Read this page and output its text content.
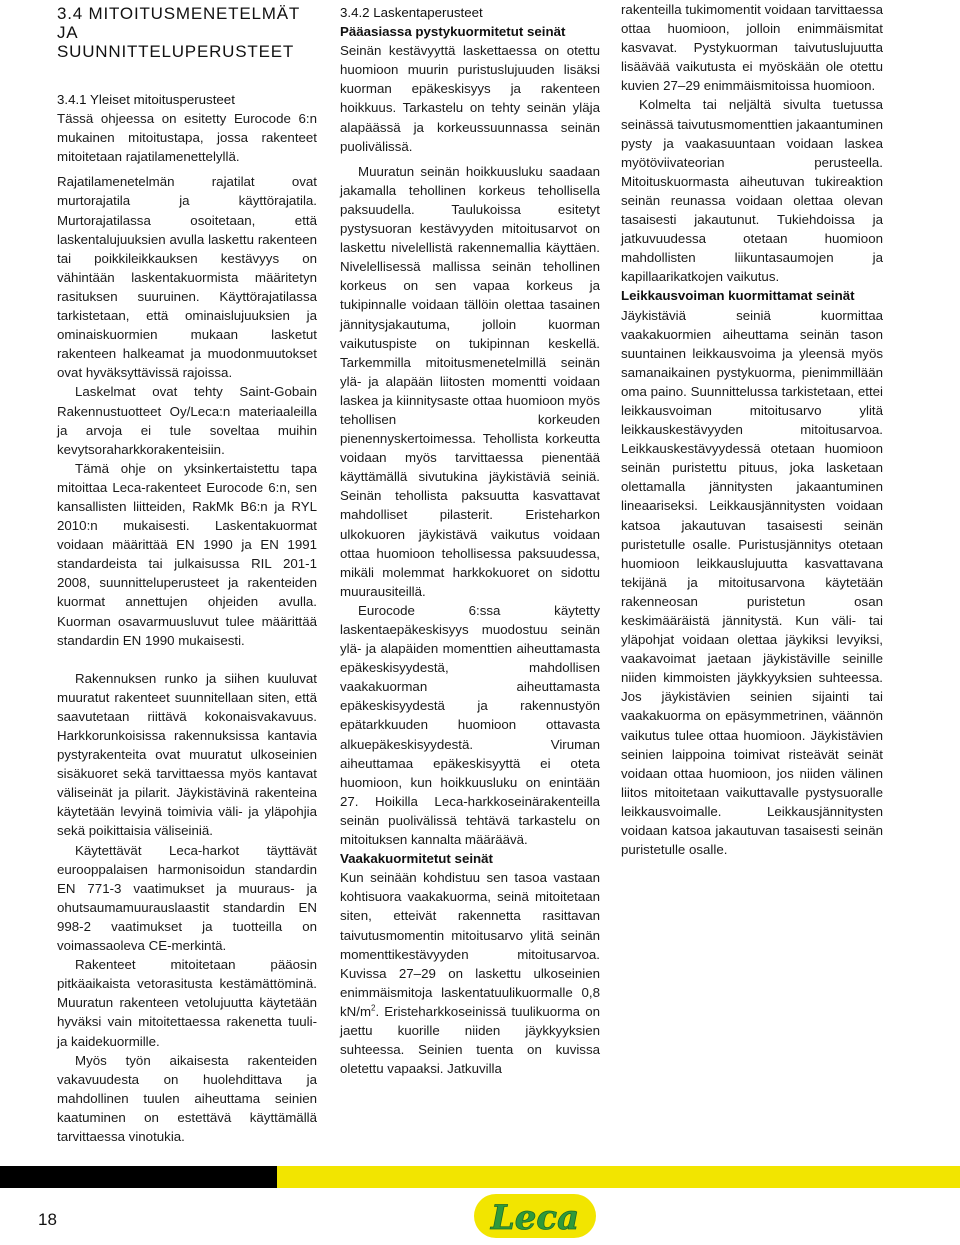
3.4 MITOITUSMENETELMÄT
JA SUUNNITTELUPERUSTEET
3.4.1 Yleiset mitoitusperusteet

Tässä ohjeessa on esitetty Eurocode 6:n mukainen mitoitustapa, jossa rakenteet mitoitetaan rajatilamenettelyllä.

Rajatilamenetelmän rajatilat ovat murtorajatila ja käyttörajatila. Murtorajatilassa osoitetaan, että laskentalujuuksien avulla laskettu rakenteen tai poikkileikkauksen kestävyys on vähintään laskentakuormista määritetyn rasituksen suuruinen. Käyttörajatilassa tarkistetaan, että ominaislujuuksien ja ominaiskuormien mukaan lasketut rakenteen halkeamat ja muodonmuutokset ovat hyväksyttävissä rajoissa.

Laskelmat ovat tehty Saint-Gobain Rakennustuotteet Oy/Leca:n materiaaleilla ja arvoja ei tule soveltaa muihin kevytsoraharkkorakenteisiin.

Tämä ohje on yksinkertaistettu tapa mitoittaa Leca-rakenteet Eurocode 6:n, sen kansallisten liitteiden, RakMk B6:n ja RYL 2010:n mukaisesti. Laskentakuormat voidaan määrittää EN 1990 ja EN 1991 standardeista tai julkaisussa RIL 201-1 2008, suunnitteluperusteet ja rakenteiden kuormat annettujen ohjeiden avulla. Kuorman osavarmuusluvut tulee määrittää standardin EN 1990 mukaisesti.

Rakennuksen runko ja siihen kuuluvat muuratut rakenteet suunnitellaan siten, että saavutetaan riittävä kokonaisvakavuus. Harkkorunkoisissa rakennuksissa kantavia pystyrakenteita ovat muuratut ulkoseinien sisäkuoret sekä tarvittaessa myös kantavat väliseinät ja pilarit. Jäykistävinä rakenteina käytetään levyinä toimivia väli- ja yläpohjia sekä poikittaisia väliseiniä.

Käytettävät Leca-harkot täyttävät eurooppalaisen harmonisoidun standardin EN 771-3 vaatimukset ja muuraus- ja ohutsaumamuurauslaastit standardin EN 998-2 vaatimukset ja tuotteilla on voimassaoleva CE-merkintä.

Rakenteet mitoitetaan pääosin pitkäaikaista vetorasitusta kestämättöminä. Muuratun rakenteen vetolujuutta käytetään hyväksi vain mitoitettaessa rakenetta tuuli- ja kaidekuormille.

Myös työn aikaisesta rakenteiden vakavuudesta on huolehdittava ja mahdollinen tuulen aiheuttama seinien kaatuminen on estettävä käyttämällä tarvittaessa vinotukia.

3.4.2 Laskentaperusteet
Pääasiassa pystykuormitetut seinät

Seinän kestävyyttä laskettaessa on otettu huomioon muurin puristuslujuuden lisäksi kuorman epäkeskisyys ja rakenteen hoikkuus. Tarkastelu on tehty seinän yläja alapäässä ja korkeussuunnassa seinän puolivälissä.

Muuratun seinän hoikkuusluku saadaan jakamalla tehollinen korkeus tehollisella paksuudella. Taulukoissa esitetyt pystysuoran kestävyyden mitoitusarvot on laskettu nivelellistä rakennemallia käyttäen. Nivelellisessä mallissa seinän tehollinen korkeus on sen vapaa korkeus ja tukipinnalle voidaan tällöin olettaa tasainen jännitysjakautuma, jolloin kuorman vaikutuspiste on tukipinnan keskellä. Tarkemmilla mitoitusmenetelmillä seinän ylä- ja alapään liitosten momentti voidaan laskea ja kiinnitysaste ottaa huomioon myös tehollisen korkeuden pienennyskertoimessa. Tehollista korkeutta voidaan myös tarvittaessa pienentää käyttämällä sivutukina jäykistäviä seiniä. Seinän tehollista paksuutta kasvattavat mahdolliset pilasterit. Eristeharkon ulkokuoren jäykistävä vaikutus voidaan ottaa huomioon tehollisessa paksuudessa, mikäli molemmat harkkokuoret on sidottu muurausiteillä.

Eurocode 6:ssa käytetty laskentaepäkeskisyys muodostuu seinän ylä- ja alapäiden momenttien aiheuttamasta epäkeskisyydestä, mahdollisen vaakakuorman aiheuttamasta epäkeskisyydestä ja rakennustyön epätarkkuuden huomioon ottavasta alkuepäkeskisyydestä. Viruman aiheuttamaa epäkeskisyyttä ei oteta huomioon, kun hoikkuusluku on enintään 27. Hoikilla Leca-harkkoseinärakenteilla seinän puolivälissä tehtävä tarkastelu on mitoituksen kannalta määräävä.

Vaakakuormitetut seinät

Kun seinään kohdistuu sen tasoa vastaan kohtisuora vaakakuorma, seinä mitoitetaan siten, etteivät rakennetta rasittavan taivutusmomentin mitoitusarvo ylitä seinän momenttikestävyyden mitoitusarvoa. Kuvissa 27–29 on laskettu ulkoseinien enimmäismitoja laskentatuulikuormalle 0,8 $kN/m^2$. Eristeharkkoseinissä tuulikuorma on jaettu kuorille niiden jäykkyyksien suhteessa. Seinien tuenta on kuvissa oletettu vapaaksi. Jatkuvilla

rakenteilla tukimomentit voidaan tarvittaessa ottaa huomioon, jolloin enimmäismitat kasvavat. Pystykuorman taivutuslujuutta lisäävää vaikutusta ei myöskään ole otettu kuvien 27–29 enimmäismitoissa huomioon.

Kolmelta tai neljältä sivulta tuetussa seinässä taivutusmomenttien jakaantuminen pysty ja vaakasuuntaan voidaan laskea myötöviivateorian perusteella. Mitoituskuormasta aiheutuvan tukireaktion seinän reunassa voidaan olettaa olevan tasaisesti jakautunut. Tukiehdoissa ja jatkuvuudessa otetaan huomioon mahdollisten liikuntasaumojen ja kapillaarikatkojen vaikutus.

Leikkausvoiman kuormittamat seinät

Jäykistäviä seiniä kuormittaa vaakakuormien aiheuttama seinän tason suuntainen leikkausvoima ja yleensä myös samanaikainen pystykuorma, pienimmillään oma paino. Suunnittelussa tarkistetaan, ettei leikkausvoiman mitoitusarvo ylitä leikkauskestävyyden mitoitusarvoa. Leikkauskestävyydessä otetaan huomioon seinän puristettu pituus, joka lasketaan olettamalla jännitysten jakaantuminen lineaariseksi. Leikkausjännitysten voidaan katsoa jakautuvan tasaisesti seinän puristetulle osalle. Puristusjännitys otetaan huomioon leikkauslujuutta kasvattavana tekijänä ja mitoitusarvona käytetään rakenneosan puristetun osan keskimääräistä jännitystä. Kun väli- tai yläpohjat voidaan olettaa jäykiksi levyiksi, vaakavoimat jaetaan jäykistäville seinille niiden kimmoisten jäykkyyksien suhteessa. Jos jäykistävien seinien sijainti tai vaakakuorma on epäsymmetrinen, väännön vaikutus tulee ottaa huomioon. Jäykistävien seinien laippoina toimivat risteävät seinät voidaan ottaa huomioon, jos niiden välinen liitos mitoitetaan vaikuttavalle pystysuoralle leikkausvoimalle. Leikkausjännitysten voidaan katsoa jakautuvan tasaisesti seinän puristetulle osalle.

18	Leca
